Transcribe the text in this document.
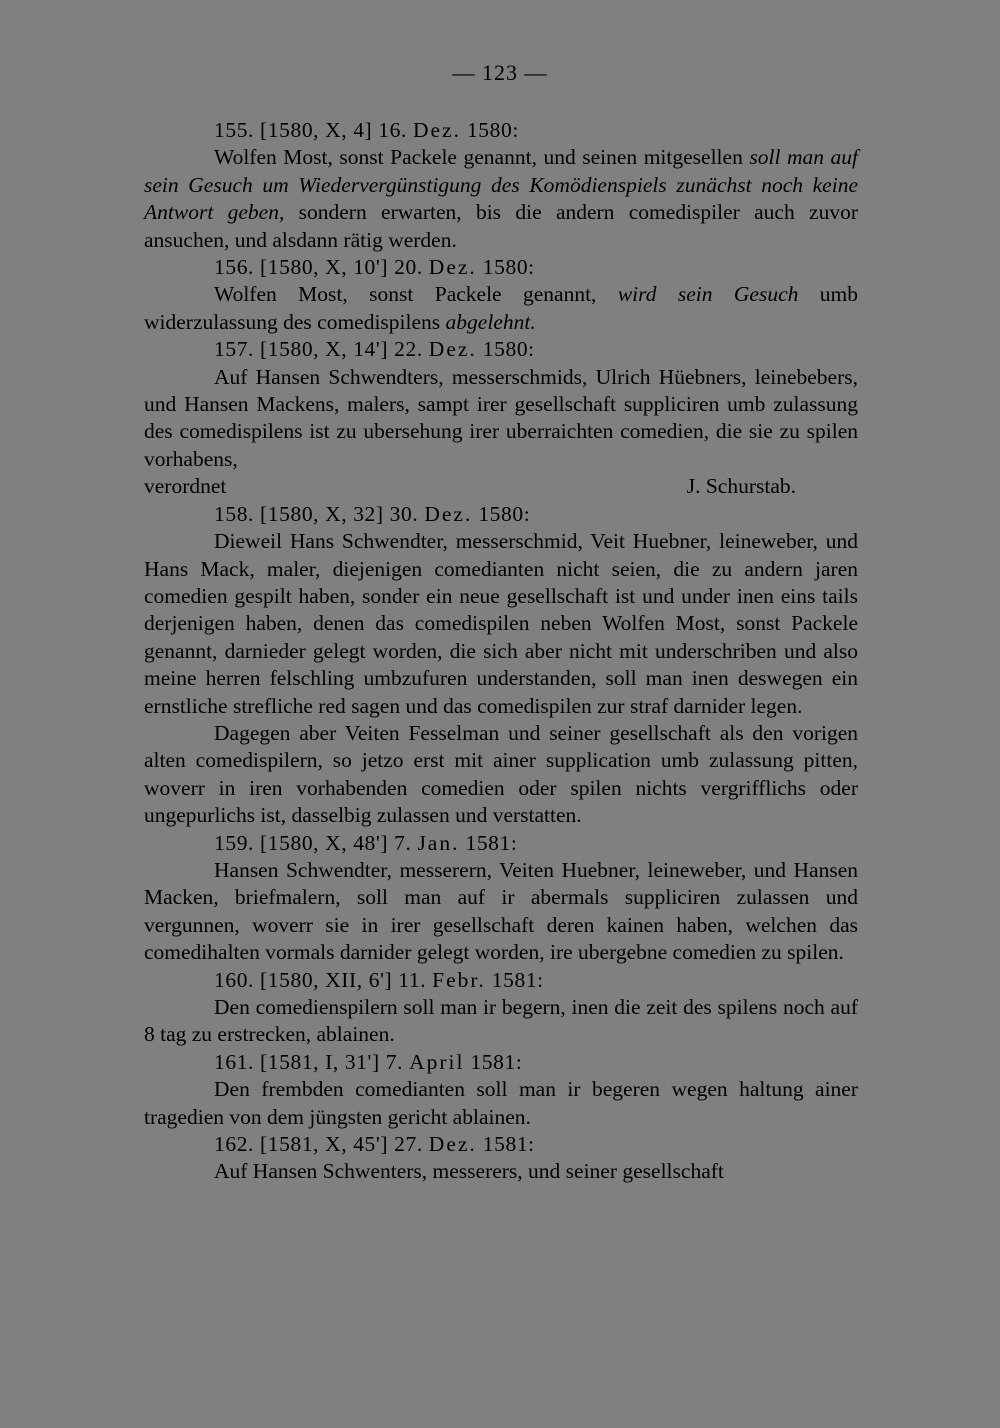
— 123 —
155. [1580, X, 4] 16. Dez. 1580:

Wolfen Most, sonst Packele genannt, und seinen mitgesellen soll man auf sein Gesuch um Wiedervergünstigung des Komödienspiels zunächst noch keine Antwort geben, sondern erwarten, bis die andern comedispiler auch zuvor ansuchen, und alsdann rätig werden.

156. [1580, X, 10'] 20. Dez. 1580:

Wolfen Most, sonst Packele genannt, wird sein Gesuch umb widerzulassung des comedispilens abgelehnt.

157. [1580, X, 14'] 22. Dez. 1580:

Auf Hansen Schwendters, messerschmids, Ulrich Hüebners, leinebebers, und Hansen Mackens, malers, sampt irer gesellschaft suppliciren umb zulassung des comedispilens ist zu ubersehung irer uberraichten comedien, die sie zu spilen vorhabens,

verordnet	J. Schurstab.
158. [1580, X, 32] 30. Dez. 1580:

Dieweil Hans Schwendter, messerschmid, Veit Huebner, leineweber, und Hans Mack, maler, diejenigen comedianten nicht seien, die zu andern jaren comedien gespilt haben, sonder ein neue gesellschaft ist und under inen eins tails derjenigen haben, denen das comedispilen neben Wolfen Most, sonst Packele genannt, darnieder gelegt worden, die sich aber nicht mit underschriben und also meine herren felschling umbzufuren understanden, soll man inen deswegen ein ernstliche strefliche red sagen und das comedispilen zur straf darnider legen.

Dagegen aber Veiten Fesselman und seiner gesellschaft als den vorigen alten comedispilern, so jetzo erst mit ainer supplication umb zulassung pitten, woverr in iren vorhabenden comedien oder spilen nichts vergrifflichs oder ungepurlichs ist, dasselbig zulassen und verstatten.

159. [1580, X, 48'] 7. Jan. 1581:

Hansen Schwendter, messerern, Veiten Huebner, leineweber, und Hansen Macken, briefmalern, soll man auf ir abermals suppliciren zulassen und vergunnen, woverr sie in irer gesellschaft deren kainen haben, welchen das comedihalten vormals darnider gelegt worden, ire ubergebne comedien zu spilen.

160. [1580, XII, 6'] 11. Febr. 1581:

Den comedienspilern soll man ir begern, inen die zeit des spilens noch auf 8 tag zu erstrecken, ablainen.

161. [1581, I, 31'] 7. April 1581:

Den frembden comedianten soll man ir begeren wegen haltung ainer tragedien von dem jüngsten gericht ablainen.

162. [1581, X, 45'] 27. Dez. 1581:

Auf Hansen Schwenters, messerers, und seiner gesellschaft
